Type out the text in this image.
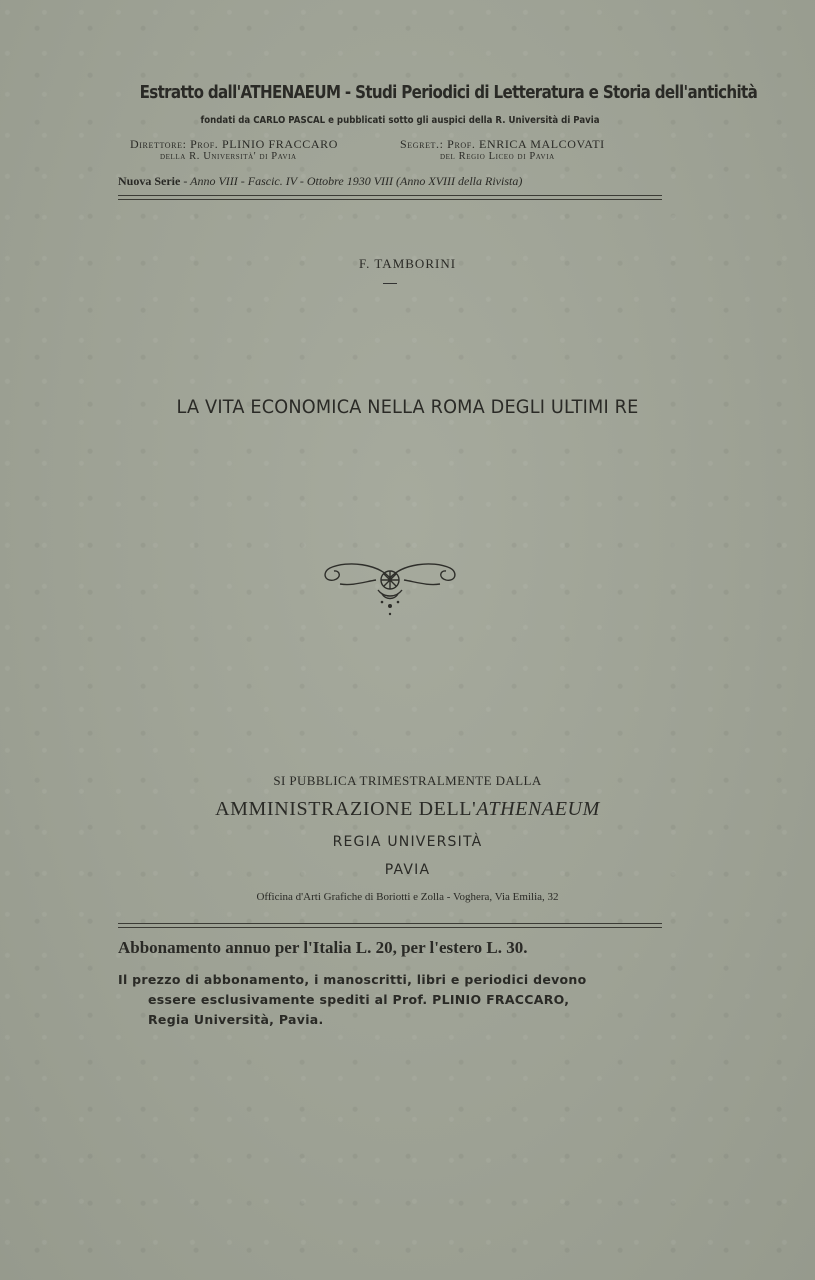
Estratto dall'ATHENAEUM - Studi Periodici di Letteratura e Storia dell'antichità
fondati da CARLO PASCAL e pubblicati sotto gli auspici della R. Università di Pavia
Direttore: Prof. PLINIO FRACCARO
della R. Università' di Pavia
Segret.: Prof. ENRICA MALCOVATI
del Regio Liceo di Pavia
Nuova Serie - Anno VIII - Fascic. IV - Ottobre 1930 VIII (Anno XVIII della Rivista)
F. TAMBORINI
LA VITA ECONOMICA NELLA ROMA DEGLI ULTIMI RE
SI PUBBLICA TRIMESTRALMENTE DALLA
AMMINISTRAZIONE DELL'ATHENAEUM
REGIA UNIVERSITÀ
PAVIA
Officina d'Arti Grafiche di Boriotti e Zolla - Voghera, Via Emilia, 32
Abbonamento annuo per l'Italia L. 20, per l'estero L. 30.
Il prezzo di abbonamento, i manoscritti, libri e periodici devono
essere esclusivamente spediti al Prof. PLINIO FRACCARO,
Regia Università, Pavia.
